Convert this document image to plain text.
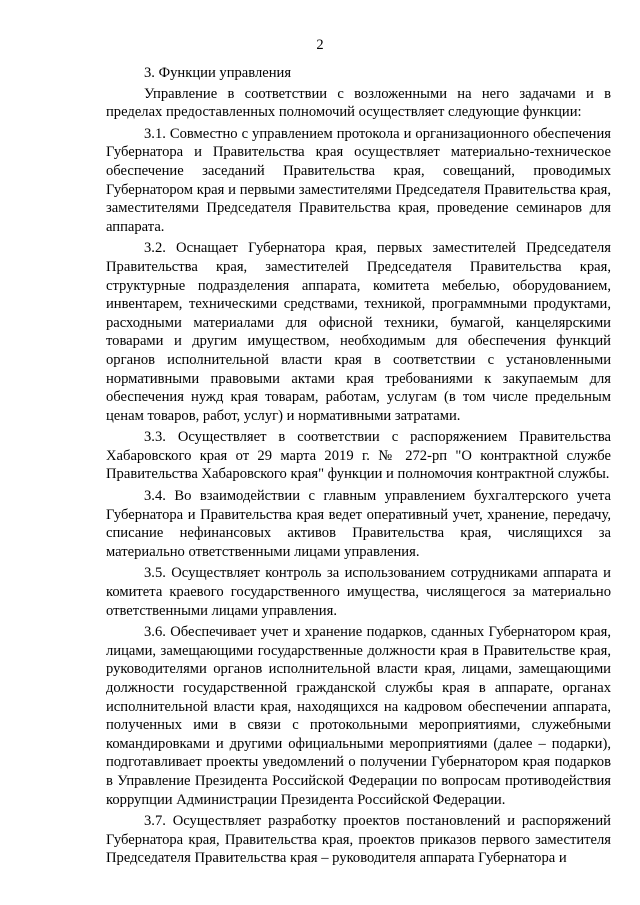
2

3. Функции управления

Управление в соответствии с возложенными на него задачами и в пределах предоставленных полномочий осуществляет следующие функции:

3.1. Совместно с управлением протокола и организационного обеспечения Губернатора и Правительства края осуществляет материально-техническое обеспечение заседаний Правительства края, совещаний, проводимых Губернатором края и первыми заместителями Председателя Правительства края, заместителями Председателя Правительства края, проведение семинаров для аппарата.

3.2. Оснащает Губернатора края, первых заместителей Председателя Правительства края, заместителей Председателя Правительства края, структурные подразделения аппарата, комитета мебелью, оборудованием, инвентарем, техническими средствами, техникой, программными продуктами, расходными материалами для офисной техники, бумагой, канцелярскими товарами и другим имуществом, необходимым для обеспечения функций органов исполнительной власти края в соответствии с установленными нормативными правовыми актами края требованиями к закупаемым для обеспечения нужд края товарам, работам, услугам (в том числе предельным ценам товаров, работ, услуг) и нормативными затратами.

3.3. Осуществляет в соответствии с распоряжением Правительства Хабаровского края от 29 марта 2019 г. № 272-рп "О контрактной службе Правительства Хабаровского края" функции и полномочия контрактной службы.

3.4. Во взаимодействии с главным управлением бухгалтерского учета Губернатора и Правительства края ведет оперативный учет, хранение, передачу, списание нефинансовых активов Правительства края, числящихся за материально ответственными лицами управления.

3.5. Осуществляет контроль за использованием сотрудниками аппарата и комитета краевого государственного имущества, числящегося за материально ответственными лицами управления.

3.6. Обеспечивает учет и хранение подарков, сданных Губернатором края, лицами, замещающими государственные должности края в Правительстве края, руководителями органов исполнительной власти края, лицами, замещающими должности государственной гражданской службы края в аппарате, органах исполнительной власти края, находящихся на кадровом обеспечении аппарата, полученных ими в связи с протокольными мероприятиями, служебными командировками и другими официальными мероприятиями (далее – подарки), подготавливает проекты уведомлений о получении Губернатором края подарков в Управление Президента Российской Федерации по вопросам противодействия коррупции Администрации Президента Российской Федерации.

3.7. Осуществляет разработку проектов постановлений и распоряжений Губернатора края, Правительства края, проектов приказов первого заместителя Председателя Правительства края – руководителя аппарата Губернатора и
